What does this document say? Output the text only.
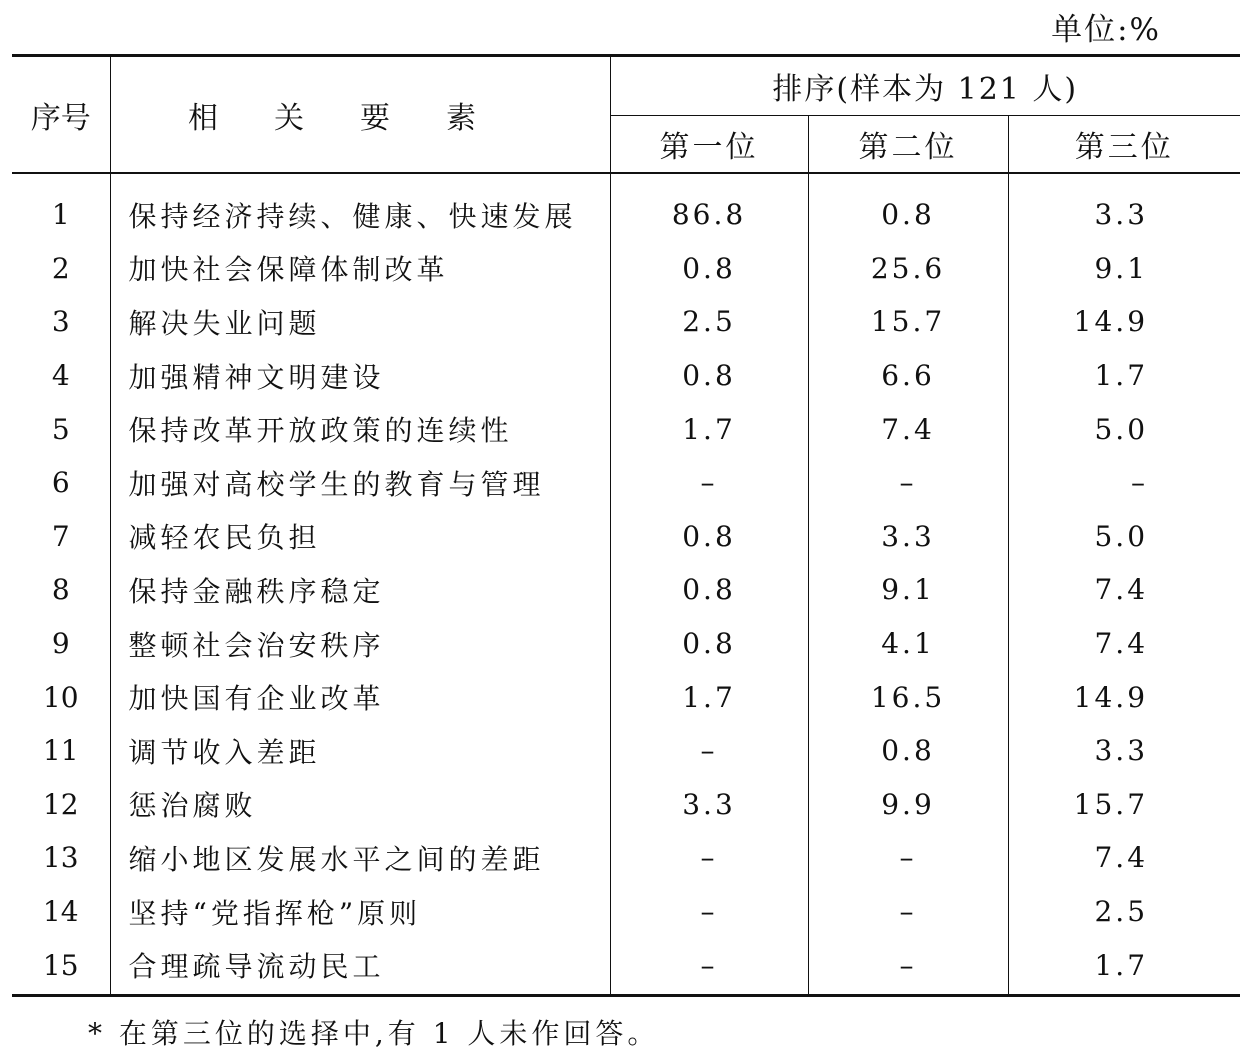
单位:%
序号	相关要素	排序(样本为 121 人)		
		第一位	第二位	第三位
1	保持经济持续、健康、快速发展	86.8	0.8	3.3
2	加快社会保障体制改革	0.8	25.6	9.1
3	解决失业问题	2.5	15.7	14.9
4	加强精神文明建设	0.8	6.6	1.7
5	保持改革开放政策的连续性	1.7	7.4	5.0
6	加强对高校学生的教育与管理	–	–	–
7	减轻农民负担	0.8	3.3	5.0
8	保持金融秩序稳定	0.8	9.1	7.4
9	整顿社会治安秩序	0.8	4.1	7.4
10	加快国有企业改革	1.7	16.5	14.9
11	调节收入差距	–	0.8	3.3
12	惩治腐败	3.3	9.9	15.7
13	缩小地区发展水平之间的差距	–	–	7.4
14	坚持“党指挥枪”原则	–	–	2.5
15	合理疏导流动民工	–	–	1.7
* 在第三位的选择中,有 1 人未作回答。
